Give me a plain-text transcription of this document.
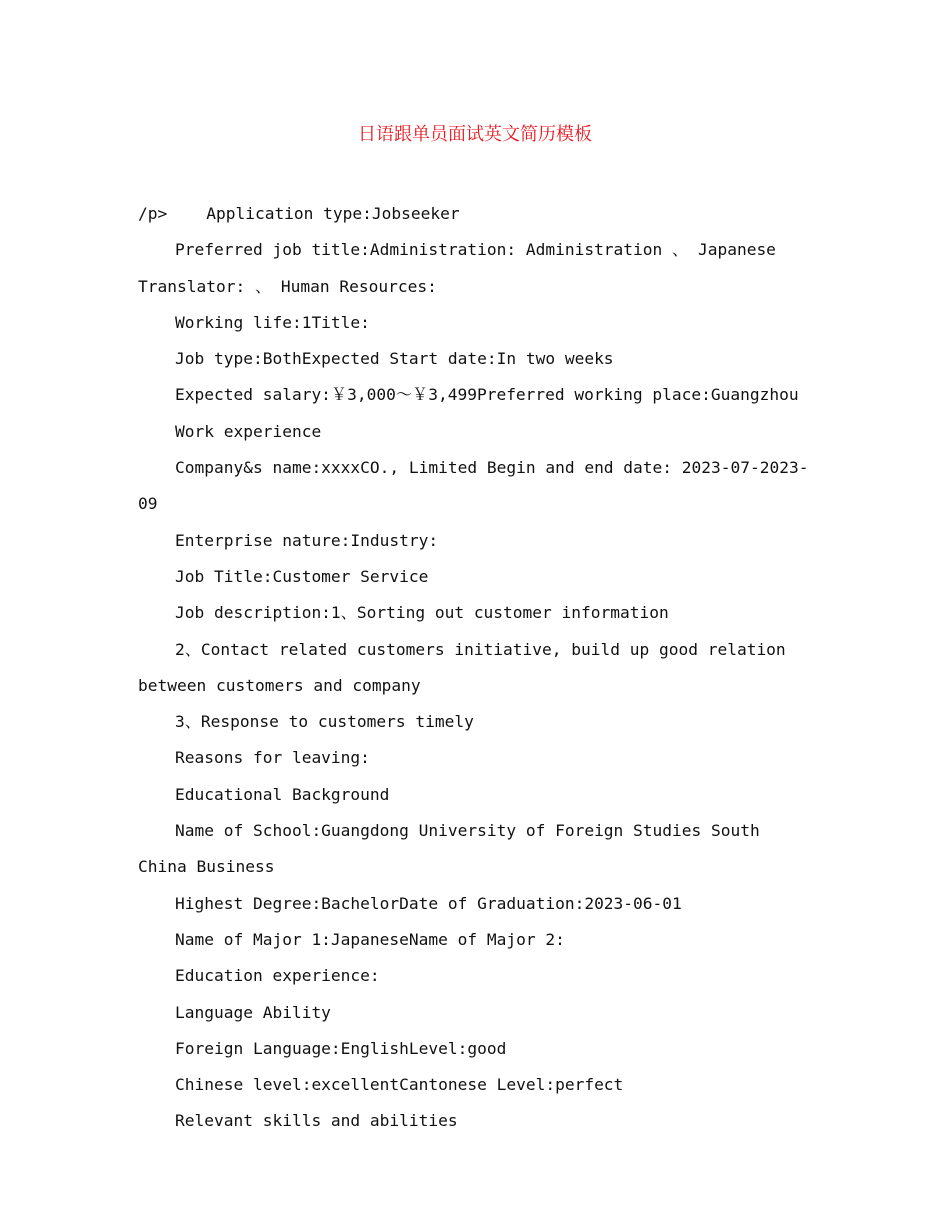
日语跟单员面试英文简历模板

/p>    Application type:Jobseeker

Preferred job title:Administration: Administration 、 Japanese Translator: 、 Human Resources:

Working life:1Title:

Job type:BothExpected Start date:In two weeks

Expected salary:￥3,000～￥3,499Preferred working place:Guangzhou

Work experience

Company&s name:xxxxCO., Limited Begin and end date: 2023-07-2023-09

Enterprise nature:Industry:

Job Title:Customer Service

Job description:1、Sorting out customer information

2、Contact related customers initiative, build up good relation between customers and company

3、Response to customers timely

Reasons for leaving:

Educational Background

Name of School:Guangdong University of Foreign Studies South China Business

Highest Degree:BachelorDate of Graduation:2023-06-01

Name of Major 1:JapaneseName of Major 2:

Education experience:

Language Ability

Foreign Language:EnglishLevel:good

Chinese level:excellentCantonese Level:perfect

Relevant skills and abilities
